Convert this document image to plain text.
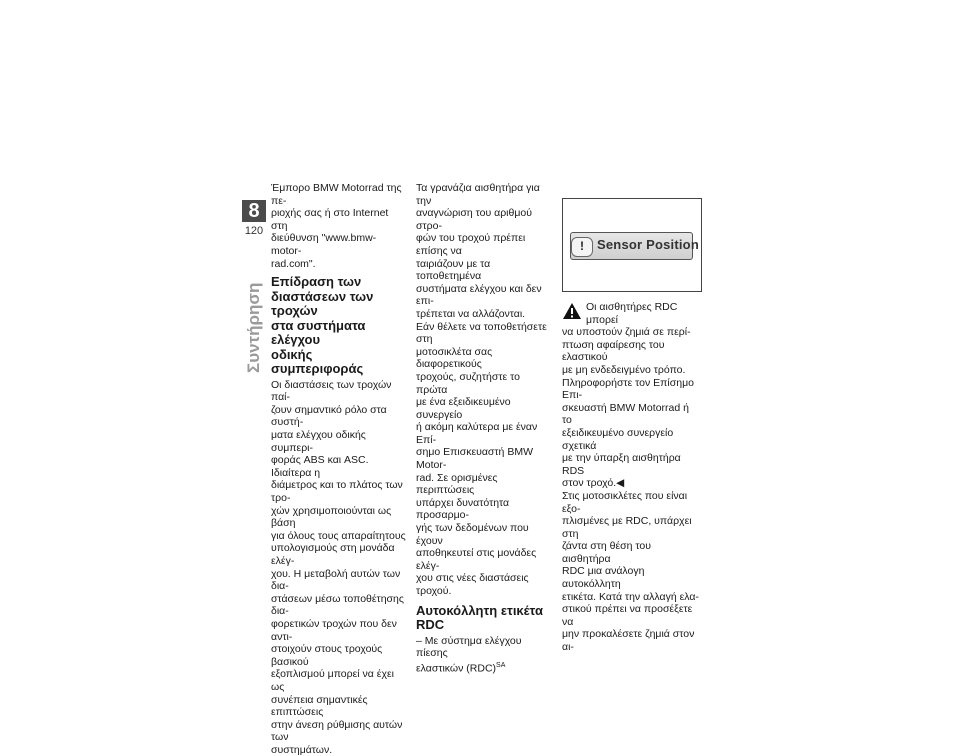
8
120
Συντήρηση

Έμπορο BMW Motorrad της πε-
ριοχής σας ή στο Internet στη
διεύθυνση "www.bmw-motor-
rad.com".

Επίδραση των
διαστάσεων των τροχών
στα συστήματα ελέγχου
οδικής συμπεριφοράς

Οι διαστάσεις των τροχών παί-
ζουν σημαντικό ρόλο στα συστή-
ματα ελέγχου οδικής συμπερι-
φοράς ABS και ASC. Ιδιαίτερα η
διάμετρος και το πλάτος των τρο-
χών χρησιμοποιούνται ως βάση
για όλους τους απαραίτητους
υπολογισμούς στη μονάδα ελέγ-
χου. Η μεταβολή αυτών των δια-
στάσεων μέσω τοποθέτησης δια-
φορετικών τροχών που δεν αντι-
στοιχούν στους τροχούς βασικού
εξοπλισμού μπορεί να έχει ως
συνέπεια σημαντικές επιπτώσεις
στην άνεση ρύθμισης αυτών των
συστημάτων.

Τα γρανάζια αισθητήρα για την
αναγνώριση του αριθμού στρο-
φών του τροχού πρέπει επίσης να
ταιριάζουν με τα τοποθετημένα
συστήματα ελέγχου και δεν επι-
τρέπεται να αλλάζονται.
Εάν θέλετε να τοποθετήσετε στη
μοτοσικλέτα σας διαφορετικούς
τροχούς, συζητήστε το πρώτα
με ένα εξειδικευμένο συνεργείο
ή ακόμη καλύτερα με έναν Επί-
σημο Επισκευαστή BMW Motor-
rad. Σε ορισμένες περιπτώσεις
υπάρχει δυνατότητα προσαρμο-
γής των δεδομένων που έχουν
αποθηκευτεί στις μονάδες ελέγ-
χου στις νέες διαστάσεις τροχού.

Αυτοκόλλητη ετικέτα RDC

– Με σύστημα ελέγχου πίεσης
ελαστικών (RDC)$^{SA}$

!	Sensor Position

Οι αισθητήρες RDC μπορεί
να υποστούν ζημιά σε περί-
πτωση αφαίρεσης του ελαστικού
με μη ενδεδειγμένο τρόπο.
Πληροφορήστε τον Επίσημο Επι-
σκευαστή BMW Motorrad ή το
εξειδικευμένο συνεργείο σχετικά
με την ύπαρξη αισθητήρα RDS
στον τροχό.◀

Στις μοτοσικλέτες που είναι εξο-
πλισμένες με RDC, υπάρχει στη
ζάντα στη θέση του αισθητήρα
RDC μια ανάλογη αυτοκόλλητη
ετικέτα. Κατά την αλλαγή ελα-
στικού πρέπει να προσέξετε να
μην προκαλέσετε ζημιά στον αι-
